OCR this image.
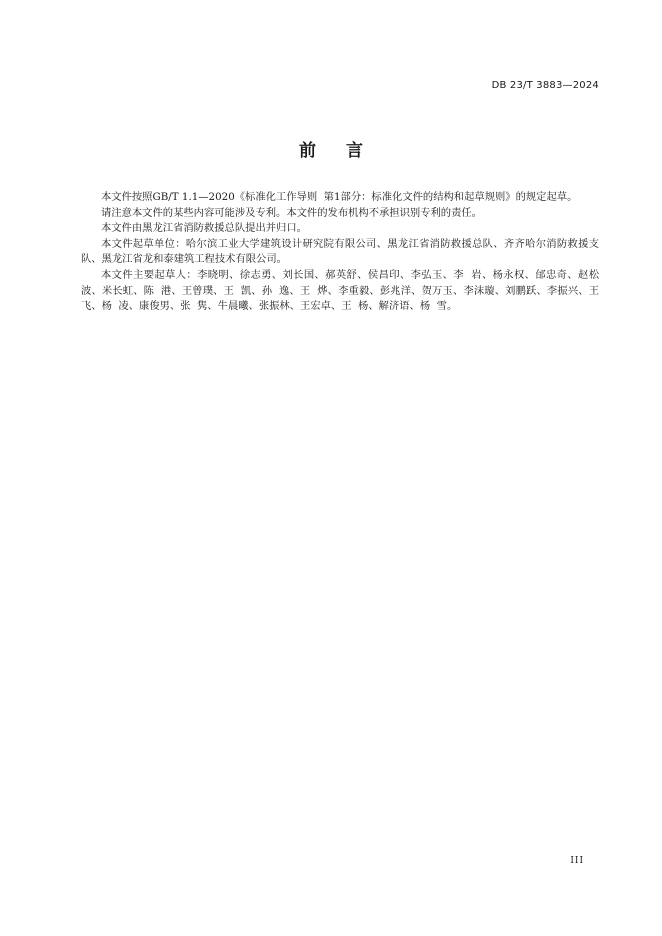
DB 23/T 3883—2024
前 言

本文件按照GB/T 1.1—2020《标准化工作导则  第1部分：标准化文件的结构和起草规则》的规定起草。

请注意本文件的某些内容可能涉及专利。本文件的发布机构不承担识别专利的责任。

本文件由黑龙江省消防救援总队提出并归口。

本文件起草单位：哈尔滨工业大学建筑设计研究院有限公司、黑龙江省消防救援总队、齐齐哈尔消防救援支队、黑龙江省龙和泰建筑工程技术有限公司。

本文件主要起草人：李晓明、徐志勇、刘长国、郝英舒、侯昌印、李弘玉、李  岩、杨永权、邰忠奇、赵松波、米长虹、陈  港、王曾璞、王  凯、孙  逸、王  烨、李重毅、彭兆洋、贺万玉、李沫璇、刘鹏跃、李振兴、王  飞、杨  凌、康俊男、张  隽、牛晨曦、张振林、王宏卓、王  杨、解济语、杨  雪。

III
